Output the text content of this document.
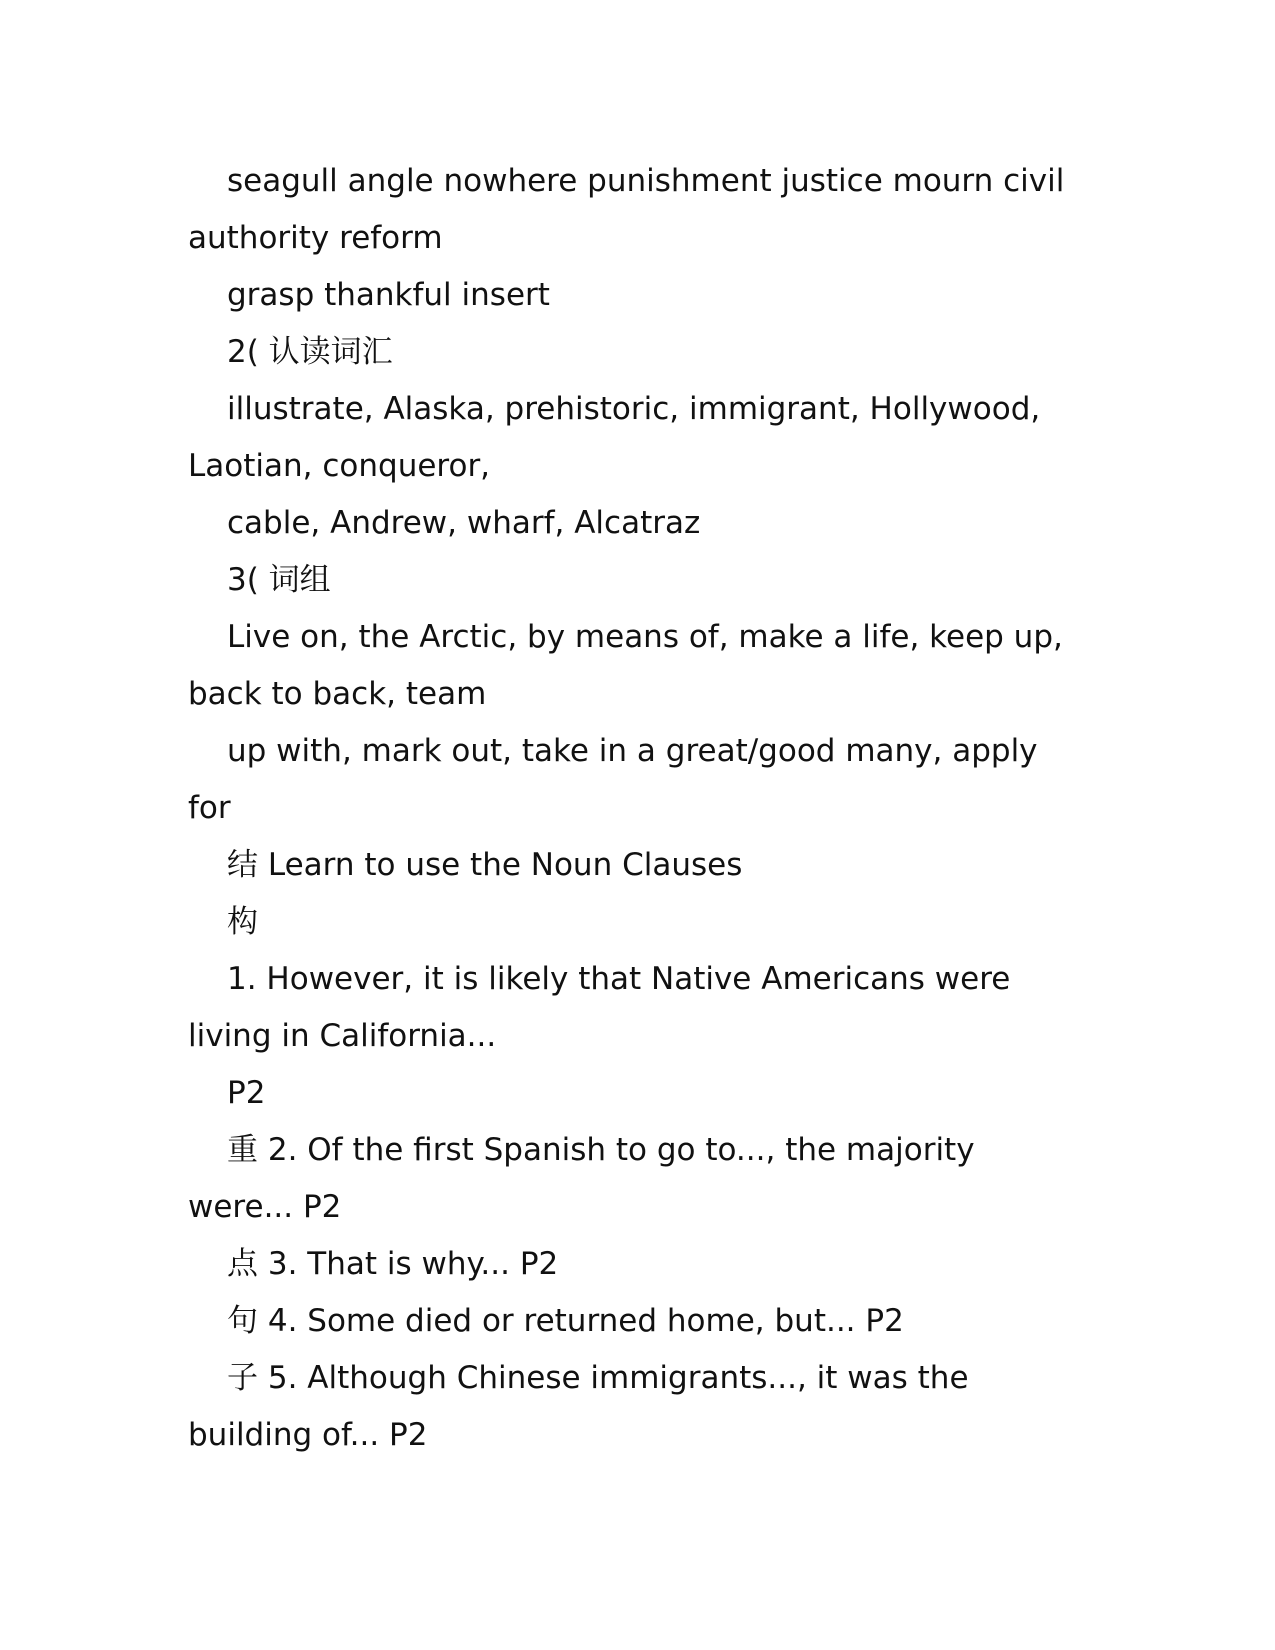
seagull angle nowhere punishment justice mourn civil authority reform

grasp thankful insert

2( 认读词汇

illustrate, Alaska, prehistoric, immigrant, Hollywood, Laotian, conqueror,

cable, Andrew, wharf, Alcatraz

3( 词组

Live on, the Arctic, by means of, make a life, keep up, back to back, team

up with, mark out, take in a great/good many, apply for

结 Learn to use the Noun Clauses

构

1. However, it is likely that Native Americans were living in California...

P2

重 2. Of the first Spanish to go to..., the majority were... P2

点 3. That is why... P2

句 4. Some died or returned home, but... P2

子 5. Although Chinese immigrants..., it was the building of... P2
